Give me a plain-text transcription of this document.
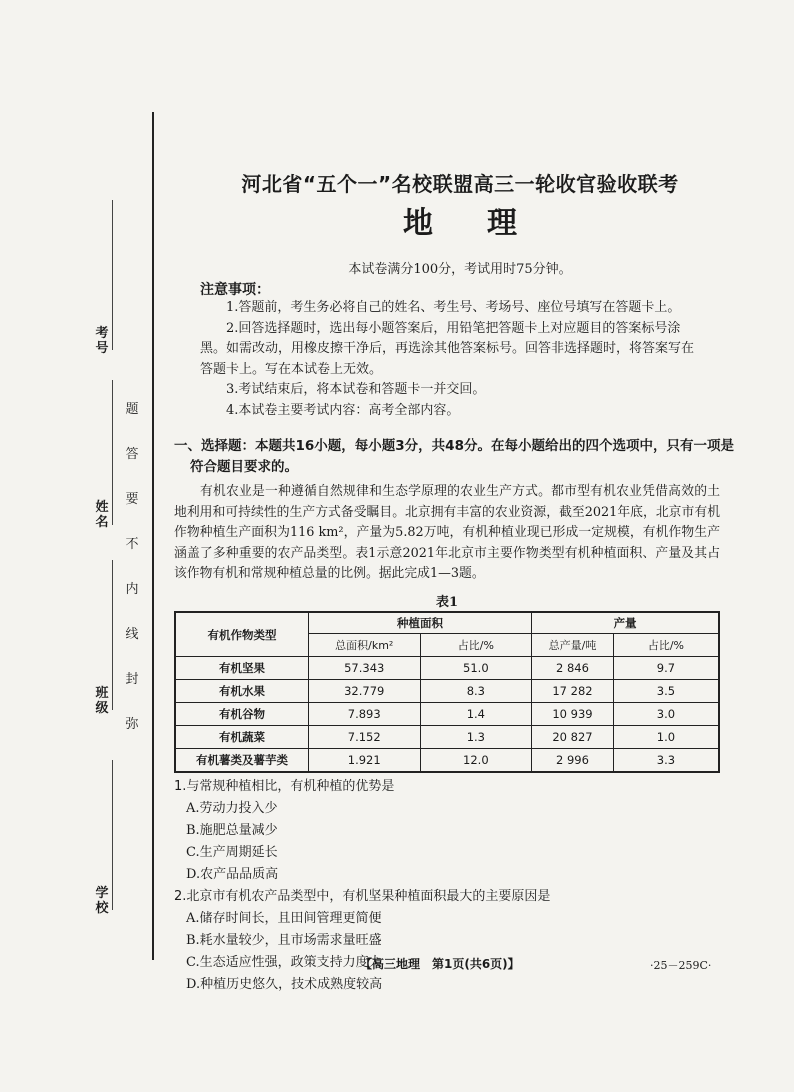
考号
姓名
班级
学校
题
答
要
不
内
线
封
弥
河北省“五个一”名校联盟高三一轮收官验收联考
地理
本试卷满分100分，考试用时75分钟。
注意事项：

1.答题前，考生务必将自己的姓名、考生号、考场号、座位号填写在答题卡上。

2.回答选择题时，选出每小题答案后，用铅笔把答题卡上对应题目的答案标号涂黑。如需改动，用橡皮擦干净后，再选涂其他答案标号。回答非选择题时，将答案写在答题卡上。写在本试卷上无效。

3.考试结束后，将本试卷和答题卡一并交回。

4.本试卷主要考试内容：高考全部内容。

一、选择题：本题共16小题，每小题3分，共48分。在每小题给出的四个选项中，只有一项是符合题目要求的。
有机农业是一种遵循自然规律和生态学原理的农业生产方式。都市型有机农业凭借高效的土地利用和可持续性的生产方式备受瞩目。北京拥有丰富的农业资源，截至2021年底，北京市有机作物种植生产面积为116 km²，产量为5.82万吨，有机种植业现已形成一定规模，有机作物生产涵盖了多种重要的农产品类型。表1示意2021年北京市主要作物类型有机种植面积、产量及其占该作物有机和常规种植总量的比例。据此完成1—3题。
表1
有机作物类型	种植面积		产量	
	总面积/km²	占比/%	总产量/吨	占比/%
有机坚果	57.343	51.0	2 846	9.7
有机水果	32.779	8.3	17 282	3.5
有机谷物	7.893	1.4	10 939	3.0
有机蔬菜	7.152	1.3	20 827	1.0
有机薯类及薯芋类	1.921	12.0	2 996	3.3

1.与常规种植相比，有机种植的优势是

A.劳动力投入少
B.施肥总量减少
C.生产周期延长
D.农产品品质高

2.北京市有机农产品类型中，有机坚果种植面积最大的主要原因是

A.储存时间长，且田间管理更简便
B.耗水量较少，且市场需求量旺盛
C.生态适应性强，政策支持力度大
D.种植历史悠久，技术成熟度较高
【高三地理　第1页(共6页)】	·25－259C·
